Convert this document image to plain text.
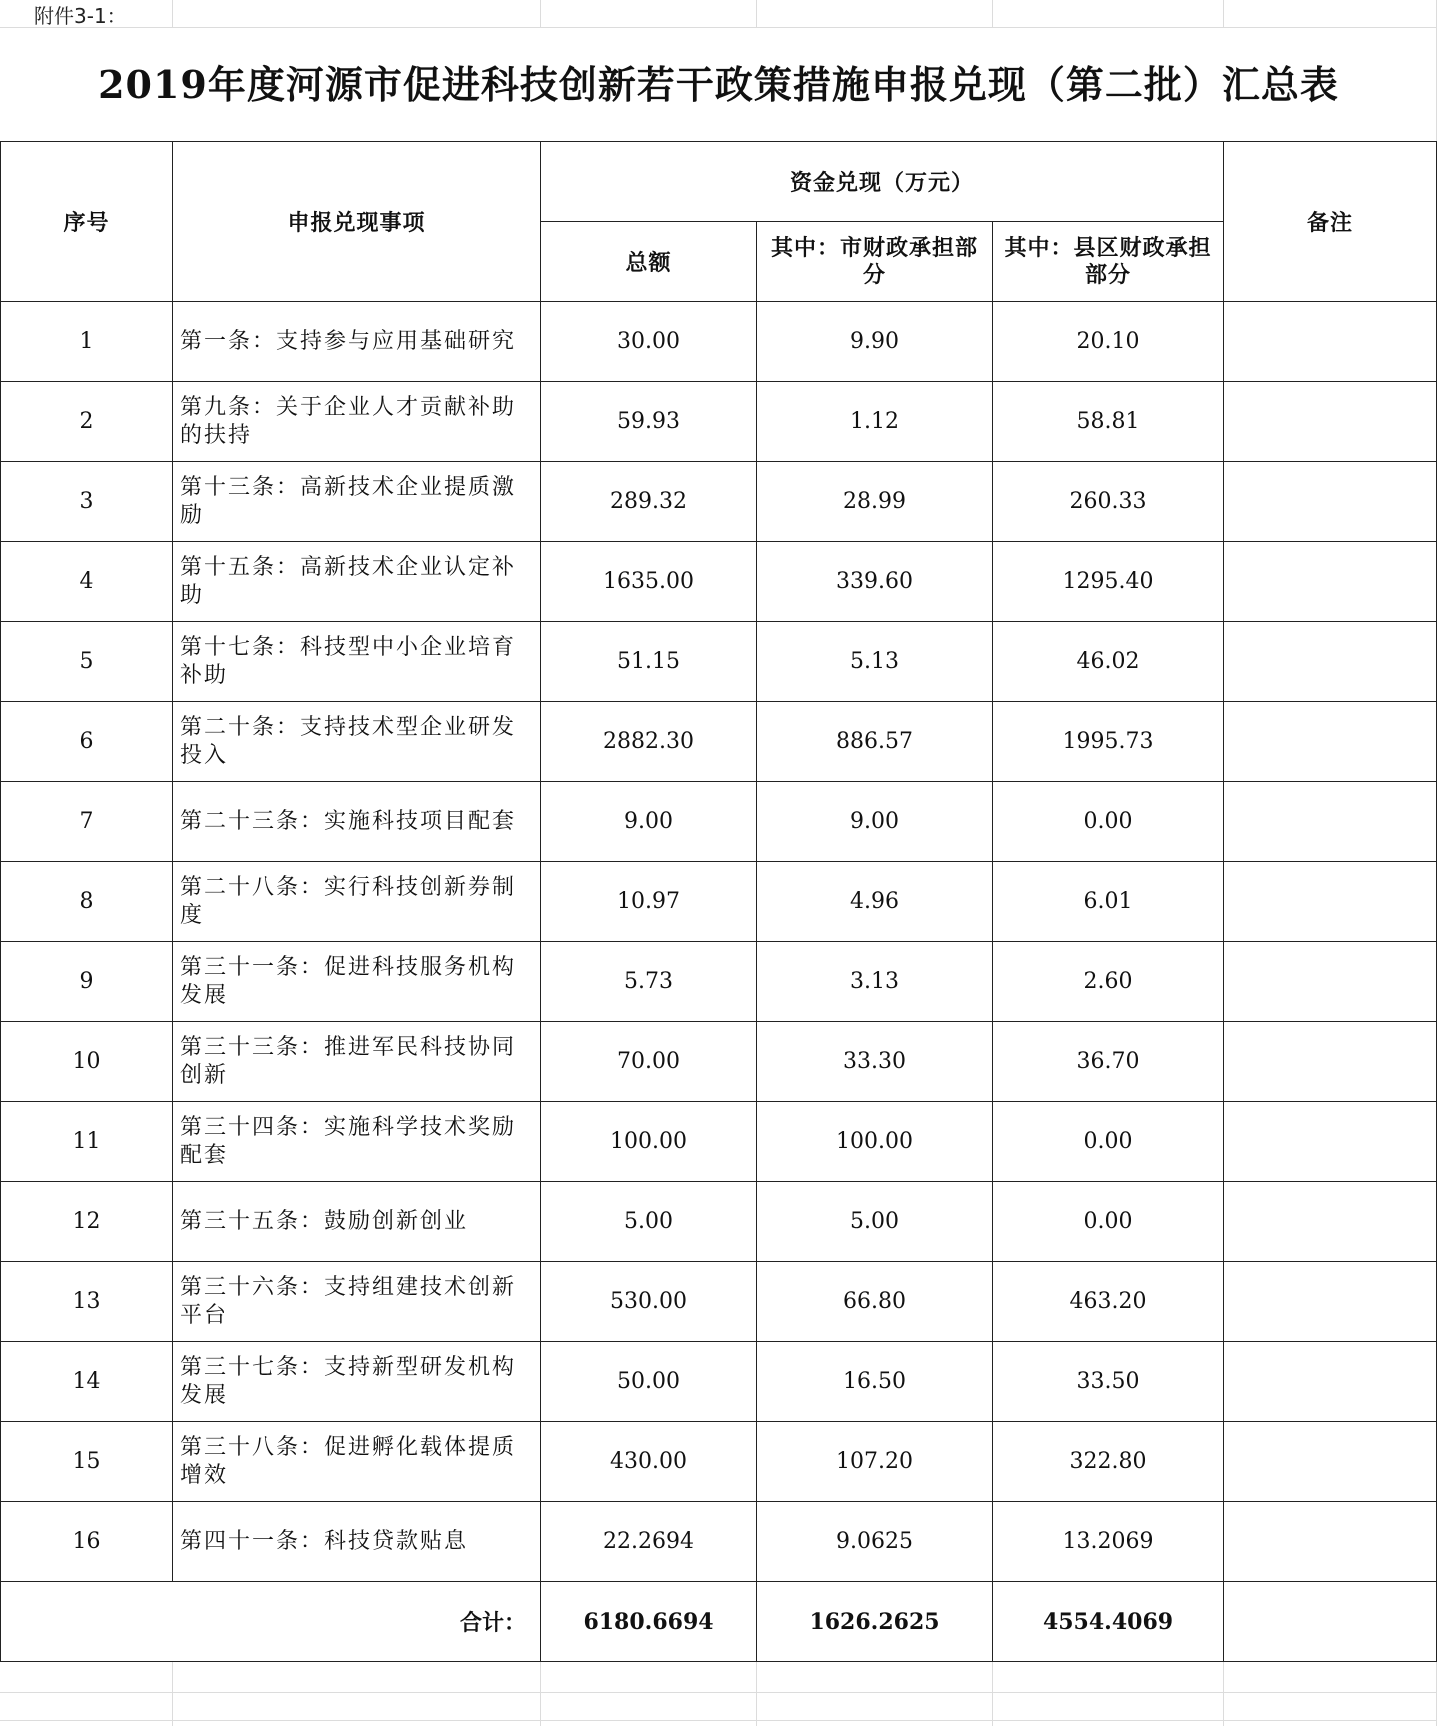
附件3-1：
2019年度河源市促进科技创新若干政策措施申报兑现（第二批）汇总表
序号	申报兑现事项	资金兑现（万元）			备注
		总额	其中：市财政承担部分	其中：县区财政承担部分	
1	第一条：支持参与应用基础研究	30.00	9.90	20.10	
2	第九条：关于企业人才贡献补助的扶持	59.93	1.12	58.81	
3	第十三条：高新技术企业提质激励	289.32	28.99	260.33	
4	第十五条：高新技术企业认定补助	1635.00	339.60	1295.40	
5	第十七条：科技型中小企业培育补助	51.15	5.13	46.02	
6	第二十条：支持技术型企业研发投入	2882.30	886.57	1995.73	
7	第二十三条：实施科技项目配套	9.00	9.00	0.00	
8	第二十八条：实行科技创新券制度	10.97	4.96	6.01	
9	第三十一条：促进科技服务机构发展	5.73	3.13	2.60	
10	第三十三条：推进军民科技协同创新	70.00	33.30	36.70	
11	第三十四条：实施科学技术奖励配套	100.00	100.00	0.00	
12	第三十五条：鼓励创新创业	5.00	5.00	0.00	
13	第三十六条：支持组建技术创新平台	530.00	66.80	463.20	
14	第三十七条：支持新型研发机构发展	50.00	16.50	33.50	
15	第三十八条：促进孵化载体提质增效	430.00	107.20	322.80	
16	第四十一条：科技贷款贴息	22.2694	9.0625	13.2069	
合计：		6180.6694	1626.2625	4554.4069	
